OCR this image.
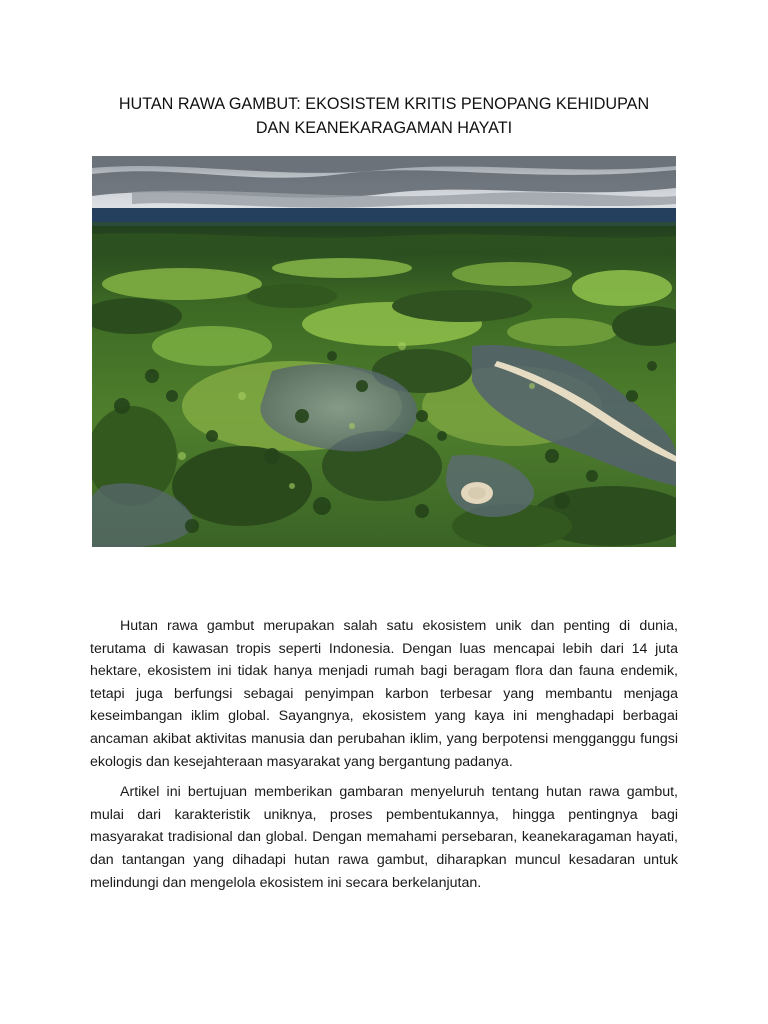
HUTAN RAWA GAMBUT: EKOSISTEM KRITIS PENOPANG KEHIDUPAN
DAN KEANEKARAGAMAN HAYATI

Hutan rawa gambut merupakan salah satu ekosistem unik dan penting di dunia, terutama di kawasan tropis seperti Indonesia. Dengan luas mencapai lebih dari 14 juta hektare, ekosistem ini tidak hanya menjadi rumah bagi beragam flora dan fauna endemik, tetapi juga berfungsi sebagai penyimpan karbon terbesar yang membantu menjaga keseimbangan iklim global. Sayangnya, ekosistem yang kaya ini menghadapi berbagai ancaman akibat aktivitas manusia dan perubahan iklim, yang berpotensi mengganggu fungsi ekologis dan kesejahteraan masyarakat yang bergantung padanya.

Artikel ini bertujuan memberikan gambaran menyeluruh tentang hutan rawa gambut, mulai dari karakteristik uniknya, proses pembentukannya, hingga pentingnya bagi masyarakat tradisional dan global. Dengan memahami persebaran, keanekaragaman hayati, dan tantangan yang dihadapi hutan rawa gambut, diharapkan muncul kesadaran untuk melindungi dan mengelola ekosistem ini secara berkelanjutan.
